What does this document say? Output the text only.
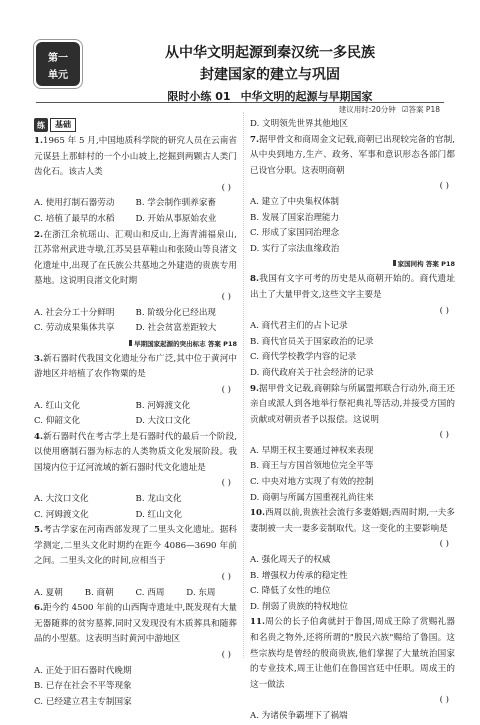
第一
单元
从中华文明起源到秦汉统一多民族
封建国家的建立与巩固
限时小练 01 中华文明的起源与早期国家
建议用时:20分钟 ☑答案 P18
练	基础

1.1965 年 5 月,中国地质科学院的研究人员在云南省元谋县上那蚌村的一个小山坡上,挖掘到两颗古人类门齿化石。该古人类

( )
A. 使用打制石器劳动	B. 学会制作驯养家畜
C. 培植了最早的水稻	D. 开始从事原始农业

2.在浙江余杭瑶山、汇观山和反山,上海青浦福泉山,江苏常州武进寺墩,江苏吴县草鞋山和张陵山等良渚文化遗址中,出现了在氏族公共墓地之外建造的贵族专用墓地。这说明良渚文化时期

( )
A. 社会分工十分鲜明	B. 阶级分化已经出现
C. 劳动成果集体共享	D. 社会贫富差距较大
早期国家起源的突出标志 答案 P18

3.新石器时代我国文化遗址分布广泛,其中位于黄河中游地区并培植了农作物粟的是

( )
A. 红山文化	B. 河姆渡文化
C. 仰韶文化	D. 大汶口文化

4.新石器时代在考古学上是石器时代的最后一个阶段,以使用磨制石器为标志的人类物质文化发展阶段。我国境内位于辽河流域的新石器时代文化遗址是

( )
A. 大汶口文化	B. 龙山文化
C. 河姆渡文化	D. 红山文化

5.考古学家在河南西部发现了二里头文化遗址。据科学测定,二里头文化时期约在距今 4086—3690 年前之间。二里头文化的时间,应相当于

( )
A. 夏朝	B. 商朝	C. 西周	D. 东周

6.距今约 4500 年前的山西陶寺遗址中,既发现有大量无器随葬的贫穷墓葬,同时又发现没有木质葬具和随葬品的小型墓。这表明当时黄河中游地区

( )
A. 正处于旧石器时代晚期
B. 已存在社会不平等现象
C. 已经建立君主专制国家
D. 文明领先世界其他地区

7.据甲骨文和商周金文记载,商朝已出现较完备的官制,从中央到地方,生产、政务、军事和意识形态各部门都已设官分职。这表明商朝

( )
A. 建立了中央集权体制
B. 发展了国家治理能力
C. 形成了家国同治理念
D. 实行了宗法血缘政治
家国同构 答案 P18

8.我国有文字可考的历史是从商朝开始的。商代遗址出土了大量甲骨文,这些文字主要是

( )
A. 商代君主们的占卜记录
B. 商代官员关于国家政治的记录
C. 商代学校教学内容的记录
D. 商代政府关于社会经济的记录

9.据甲骨文记载,商朝除与所属盟邦联合行动外,商王还亲自或派人到各地举行祭祀典礼等活动,并接受方国的贡献或对朝贡者予以报偿。这说明

( )
A. 早期王权主要通过神权来表现
B. 商王与方国首领地位完全平等
C. 中央对地方实现了有效的控制
D. 商朝与所属方国重视礼尚往来

10.西周以前,贵族社会流行多妻婚姻;西周时期,一夫多妻制被一夫一妻多妾制取代。这一变化的主要影响是

( )
A. 强化周天子的权威
B. 增强权力传承的稳定性
C. 降低了女性的地位
D. 削弱了贵族的特权地位

11.周公的长子伯禽就封于鲁国,周成王除了赏赐礼器和名贵之物外,还将所谓的"殷民六族"赐给了鲁国。这些宗族均是曾经的殷商贵族,他们掌握了大量统治国家的专业技术,周王让他们在鲁国宫廷中任职。周成王的这一做法

( )
A. 为诸侯争霸埋下了祸端
